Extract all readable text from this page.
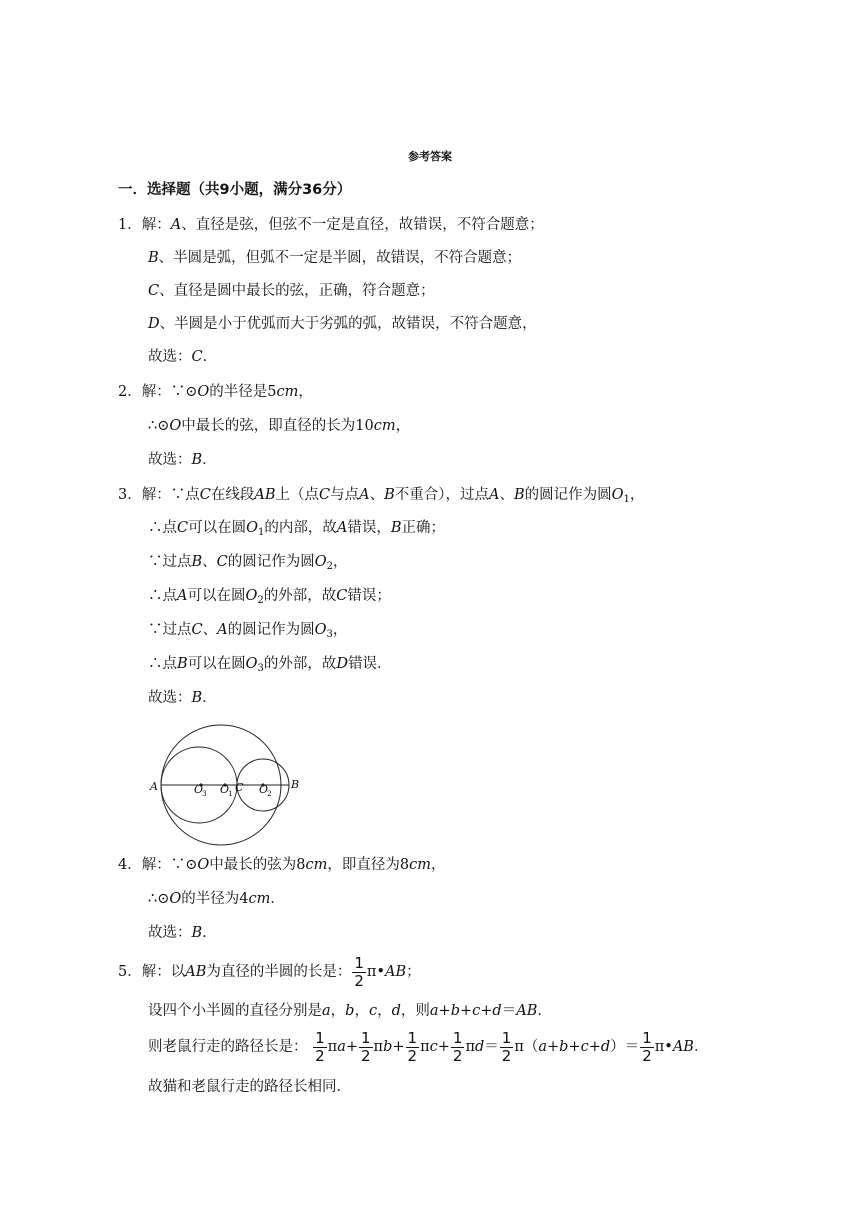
参考答案
一．选择题（共9小题，满分36分）
1．解：A、直径是弦，但弦不一定是直径，故错误，不符合题意；
B、半圆是弧，但弧不一定是半圆，故错误，不符合题意；
C、直径是圆中最长的弦，正确，符合题意；
D、半圆是小于优弧而大于劣弧的弧，故错误，不符合题意，
故选：C．
2．解：∵⊙O的半径是5cm，
∴⊙O中最长的弦，即直径的长为10cm，
故选：B．
3．解：∵点C在线段AB上（点C与点A、B不重合），过点A、B的圆记作为圆$O_1$，
∴点C可以在圆$O_1$的内部，故A错误，B正确；
∵过点B、C的圆记作为圆$O_2$，
∴点A可以在圆$O_2$的外部，故C错误；
∵过点C、A的圆记作为圆$O_3$，
∴点B可以在圆$O_3$的外部，故D错误．
故选：B．
A	B
C
O O	O
3	1	2
4．解：∵⊙O中最长的弦为8cm，即直径为8cm，
∴⊙O的半径为4cm．
故选：B．
5．解：以AB为直径的半圆的长是： $\frac{1}{2}$ π•AB；
设四个小半圆的直径分别是a，b，c，d，则a+b+c+d＝AB．
则老鼠行走的路径长是： $\frac{1}{2} \pi a+ \frac{1}{2} \pi b+ \frac{1}{2} \pi c+ \frac{1}{2} \pi d= \frac{1}{2} \pi(a+b+c+d)= \frac{1}{2}$ π•AB．
故猫和老鼠行走的路径长相同．
